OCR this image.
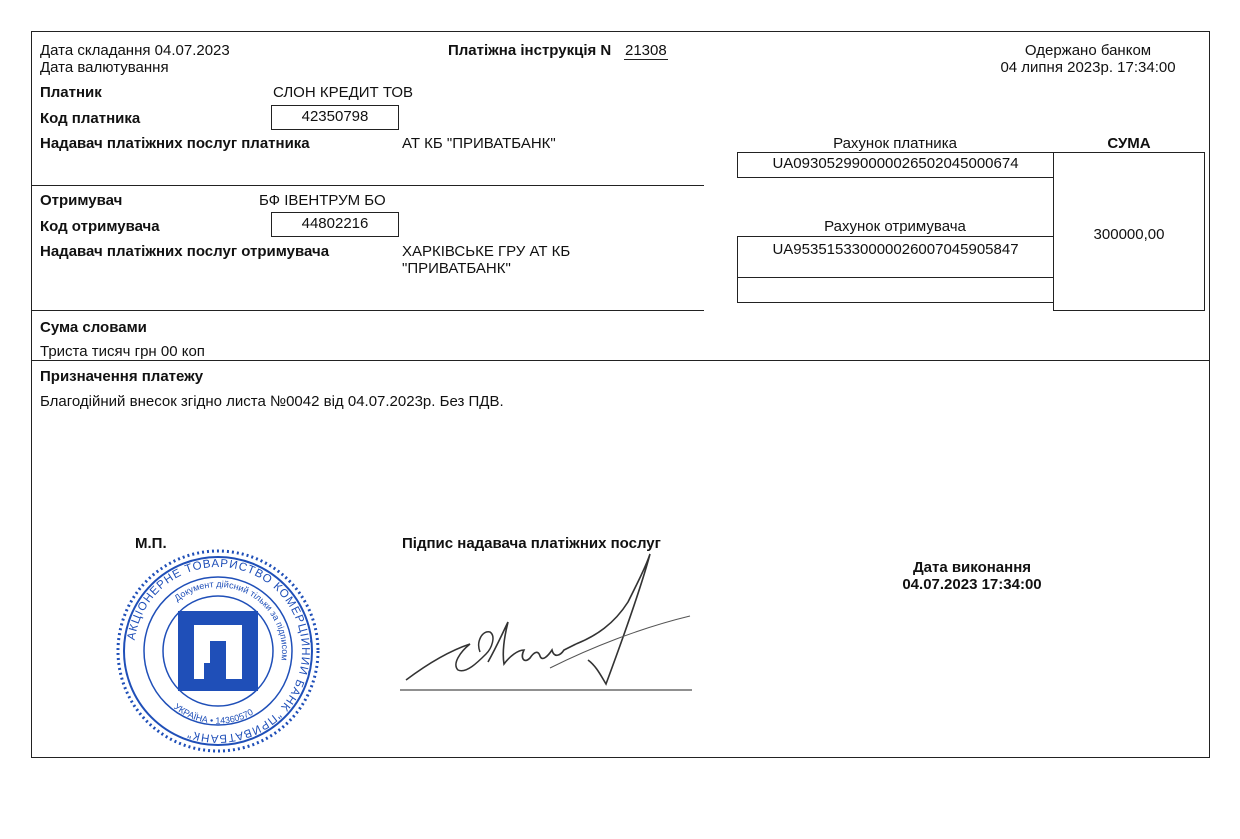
Дата складання 04.07.2023
Дата валютування
Платіжна інструкція N 21308	Одержано банком
04 липня 2023р. 17:34:00
Платник	СЛОН КРЕДИТ ТОВ
Код платника	42350798
Надавач платіжних послуг платника	АТ КБ "ПРИВАТБАНК"
Отримувач	БФ ІВЕНТРУМ БО
Код отримувача	44802216
Надавач платіжних послуг отримувача	ХАРКІВСЬКЕ ГРУ АТ КБ
"ПРИВАТБАНК"
Рахунок платника	СУМА
UA093052990000026502045000674
Рахунок отримувача
UA953515330000026007045905847
300000,00
Сума словами
Триста тисяч грн 00 коп
Призначення платежу
Благодійний внесок згідно листа №0042 від 04.07.2023р. Без ПДВ.
М.П.	Підпис надавача платіжних послуг
Дата виконання
04.07.2023 17:34:00
АКЦІОНЕРНЕ ТОВАРИСТВО КОМЕРЦІЙНИЙ БАНК "ПРИВАТБАНК"
Документ дійсний тільки за підписом
УКРАЇНА • 14360570
